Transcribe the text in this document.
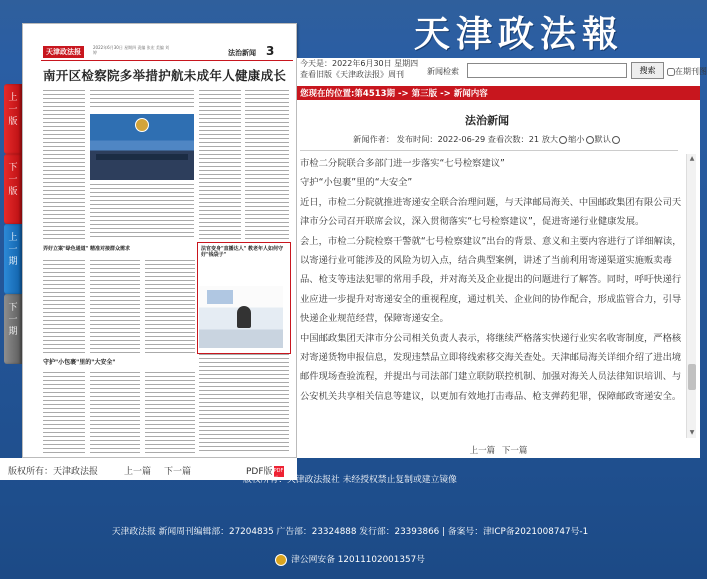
天津政法報
天津政法报
2022年6月30日 星期四 责编 张宏 美编 刘婷	法治新闻 3
南开区检察院多举措护航未成年人健康成长
弄好立案"绿色通道" 精准对接群众需求	法官变身"直播达人" 教老年人如何守好"钱袋子"
守护"小包裹"里的"大安全"
上
一
版
下
一
版
上
一
期
下
一
期
版权所有：天津政法报	上一篇 下一篇	PDF版PDF
今天是：2022年6月30日 星期四
查看旧版《天津政法报》周刊	新闻检索	搜索	在期刊图
您现在的位置:第4513期 -> 第三版 -> 新闻内容
法治新闻
新闻作者： 发布时间：2022-06-29 查看次数：21 放大 缩小 默认

市检二分院联合多部门进一步落实“七号检察建议”

守护“小包裹”里的“大安全”

近日，市检二分院就推进寄递安全联合治理问题，与天津邮局海关、中国邮政集团有限公司天津市分公司召开联席会议，深入贯彻落实“七号检察建议”，促进寄递行业健康发展。

会上，市检二分院检察干警就“七号检察建议”出台的背景、意义和主要内容进行了详细解读，以寄递行业可能涉及的风险为切入点，结合典型案例，讲述了当前利用寄递渠道实施贩卖毒品、枪支等违法犯罪的常用手段，并对海关及企业提出的问题进行了解答。同时，呼吁快递行业应进一步提升对寄递安全的重视程度，通过机关、企业间的协作配合，形成监管合力，引导快递企业规范经营，保障寄递安全。

中国邮政集团天津市分公司相关负责人表示，将继续严格落实快递行业实名收寄制度，严格核对寄递货物申报信息，发现违禁品立即将线索移交海关查处。天津邮局海关详细介绍了进出境邮件现场查验流程，并提出与司法部门建立联防联控机制、加强对海关人员法律知识培训、与公安机关共享相关信息等建议，以更加有效地打击毒品、枪支弹药犯罪，保障邮政寄递安全。

▲
▼
上一篇 下一篇
版权所有：天津政法报社 未经授权禁止复制或建立镜像
天津政法报 新闻周刊编辑部：27204835 广告部：23324888 发行部：23393866 | 备案号：津ICP备2021008747号-1
津公网安备 12011102001357号
